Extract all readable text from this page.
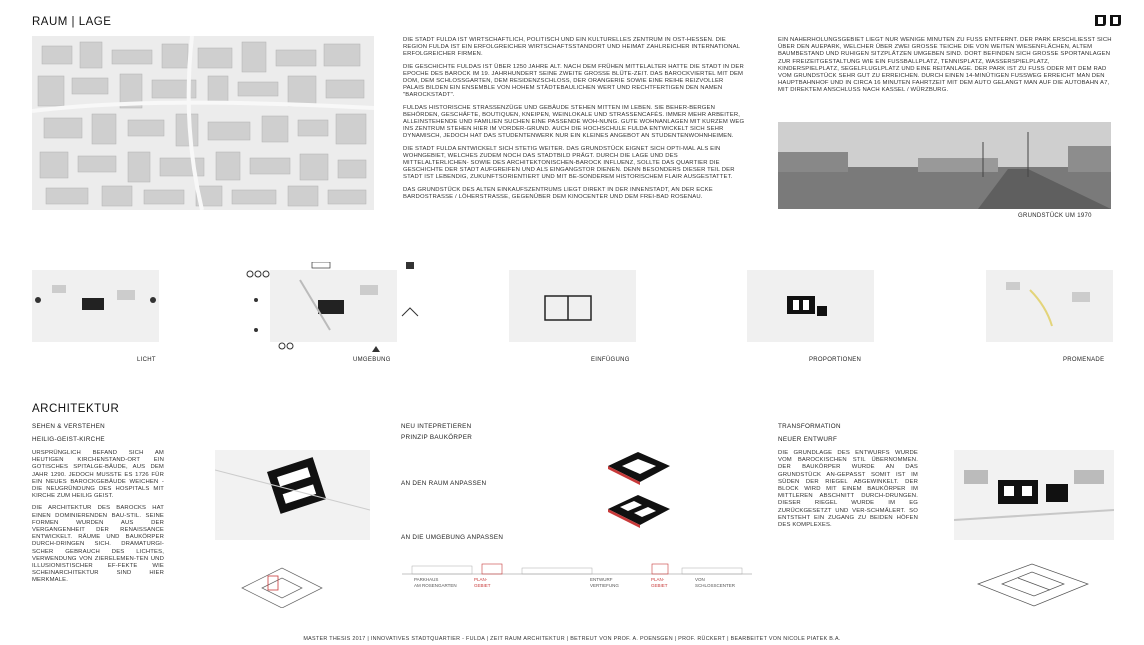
RAUM | LAGE

DIE STADT FULDA IST WIRTSCHAFTLICH, POLITISCH UND EIN KULTURELLES ZENTRUM IN OST-HESSEN. DIE REGION FULDA IST EIN ERFOLGREICHER WIRTSCHAFTSSTANDORT UND HEIMAT ZAHLREICHER INTERNATIONAL ERFOLGREICHER FIRMEN.

DIE GESCHICHTE FULDAS IST ÜBER 1250 JAHRE ALT. NACH DEM FRÜHEN MITTELALTER HATTE DIE STADT IN DER EPOCHE DES BAROCK IM 19. JAHRHUNDERT SEINE ZWEITE GROSSE BLÜTE-ZEIT. DAS BAROCKVIERTEL MIT DEM DOM, DEM SCHLOSSGARTEN, DEM RESIDENZSCHLOSS, DER ORANGERIE SOWIE EINE REIHE REIZVOLLER PALAIS BILDEN EIN ENSEMBLE VON HOHEM STÄDTEBAULICHEN WERT UND RECHTFERTIGEN DEN NAMEN "BAROCKSTADT".

FULDAS HISTORISCHE STRASSENZÜGE UND GEBÄUDE STEHEN MITTEN IM LEBEN. SIE BEHER-BERGEN BEHÖRDEN, GESCHÄFTE, BOUTIQUEN, KNEIPEN, WEINLOKALE UND STRASSENCAFÉS. IMMER MEHR ARBEITER, ALLEINSTEHENDE UND FAMILIEN SUCHEN EINE PASSENDE WOH-NUNG. GUTE WOHNANLAGEN MIT KURZEM WEG INS ZENTRUM STEHEN HIER IM VORDER-GRUND. AUCH DIE HOCHSCHULE FULDA ENTWICKELT SICH SEHR DYNAMISCH, JEDOCH HAT DAS STUDENTENWERK NUR EIN KLEINES ANGEBOT AN STUDENTENWOHNHEIMEN.

DIE STADT FULDA ENTWICKELT SICH STETIG WEITER. DAS GRUNDSTÜCK EIGNET SICH OPTI-MAL ALS EIN WOHNGEBIET, WELCHES ZUDEM NOCH DAS STADTBILD PRÄGT. DURCH DIE LAGE UND DES MITTELALTERLICHEN- SOWIE DES ARCHITEKTONISCHEN-BAROCK INFLUENZ, SOLLTE DAS QUARTIER DIE GESCHICHTE DER STADT AUFGREIFEN UND ALS EINGANGSTOR DIENEN. DENN BESONDERS DIESER TEIL DER STADT IST LEBENDIG, ZUKUNFTSORIENTIERT UND MIT BE-SONDEREM HISTORISCHEM FLAIR AUSGESTATTET.

DAS GRUNDSTÜCK DES ALTEN EINKAUFSZENTRUMS LIEGT DIREKT IN DER INNENSTADT, AN DER ECKE BARDOSTRASSE / LÖHERSTRASSE, GEGENÜBER DEM KINOCENTER UND DEM FREI-BAD ROSENAU.

EIN NAHERHOLUNGSGEBIET LIEGT NUR WENIGE MINUTEN ZU FUSS ENTFERNT. DER PARK ERSCHLIESST SICH ÜBER DEN AUEPARK, WELCHER ÜBER ZWEI GROSSE TEICHE DIE VON WEITEN WIESENFLÄCHEN, ALTEM BAUMBESTAND UND RUHIGEN SITZPLÄTZEN UMGEBEN SIND. DORT BEFINDEN SICH GROSSE SPORTANLAGEN ZUR FREIZEITGESTALTUNG WIE EIN FUSSBALLPLATZ, TENNISPLATZ, WASSERSPIELPLATZ, KINDERSPIELPLATZ, SEGELFLUGLPLATZ UND EINE REITANLAGE. DER PARK IST ZU FUSS ODER MIT DEM RAD VOM GRUNDSTÜCK SEHR GUT ZU ERREICHEN. DURCH EINEN 14-MINÜTIGEN FUSSWEG ERREICHT MAN DEN HAUPTBAHNHOF UND IN CIRCA 16 MINUTEN FAHRTZEIT MIT DEM AUTO GELANGT MAN AUF DIE AUTOBAHN A7, MIT DIREKTEM ANSCHLUSS NACH KASSEL / WÜRZBURG.

GRUNDSTÜCK UM 1970
LICHT	UMGEBUNG	EINFÜGUNG	PROPORTIONEN	PROMENADE
ARCHITEKTUR
SEHEN & VERSTEHEN
HEILIG-GEIST-KIRCHE

URSPRÜNGLICH BEFAND SICH AM HEUTIGEN KIRCHENSTAND-ORT EIN GOTISCHES SPITALGE-BÄUDE, AUS DEM JAHR 1290. JEDOCH MUSSTE ES 1726 FÜR EIN NEUES BAROCKGEBÄUDE WEICHEN - DIE NEUGRÜNDUNG DES HOSPITALS MIT KIRCHE ZUM HEILIG GEIST.

DIE ARCHITEKTUR DES BAROCKS HAT EINEN DOMINIERENDEN BAU-STIL. SEINE FORMEN WURDEN AUS DER VERGANGENHEIT DER RENAISSANCE ENTWICKELT. RÄUME UND BAUKÖRPER DURCH-DRINGEN SICH. DRAMATURGI-SCHER GEBRAUCH DES LICHTES, VERWENDUNG VON ZIERELEMEN-TEN UND ILLUSIONISTISCHER EF-FEKTE WIE SCHEINARCHITEKTUR SIND HIER MERKMALE.

NEU INTEPRETIEREN
PRINZIP BAUKÖRPER
AN DEN RAUM ANPASSEN
AN DIE UMGEBUNG ANPASSEN
PARKHAUS
AM ROSENGARTEN
PLAN-
GEBIET
ENTWURF
VERTIEFUNG
PLAN-
GEBIET
VON
SCHLOSSCENTER
TRANSFORMATION
NEUER ENTWURF

DIE GRUNDLAGE DES ENTWURFS WURDE VOM BAROCKISCHEN STIL ÜBERNOMMEN. DER BAUKÖRPER WURDE AN DAS GRUNDSTÜCK AN-GEPASST SOMIT IST IM SÜDEN DER RIEGEL ABGEWINKELT. DER BLOCK WIRD MIT EINEM BAUKÖRPER IM MITTLEREN ABSCHNITT DURCH-DRUNGEN. DIESER RIEGEL WURDE IM EG ZURÜCKGESETZT UND VER-SCHMÄLERT. SO ENTSTEHT EIN ZUGANG ZU BEIDEN HÖFEN DES KOMPLEXES.

MASTER THESIS 2017 | INNOVATIVES STADTQUARTIER - FULDA | ZEIT RAUM ARCHITEKTUR | BETREUT VON PROF. A. POENSGEN | PROF. RÜCKERT | BEARBEITET VON NICOLE PIATEK B.A.
